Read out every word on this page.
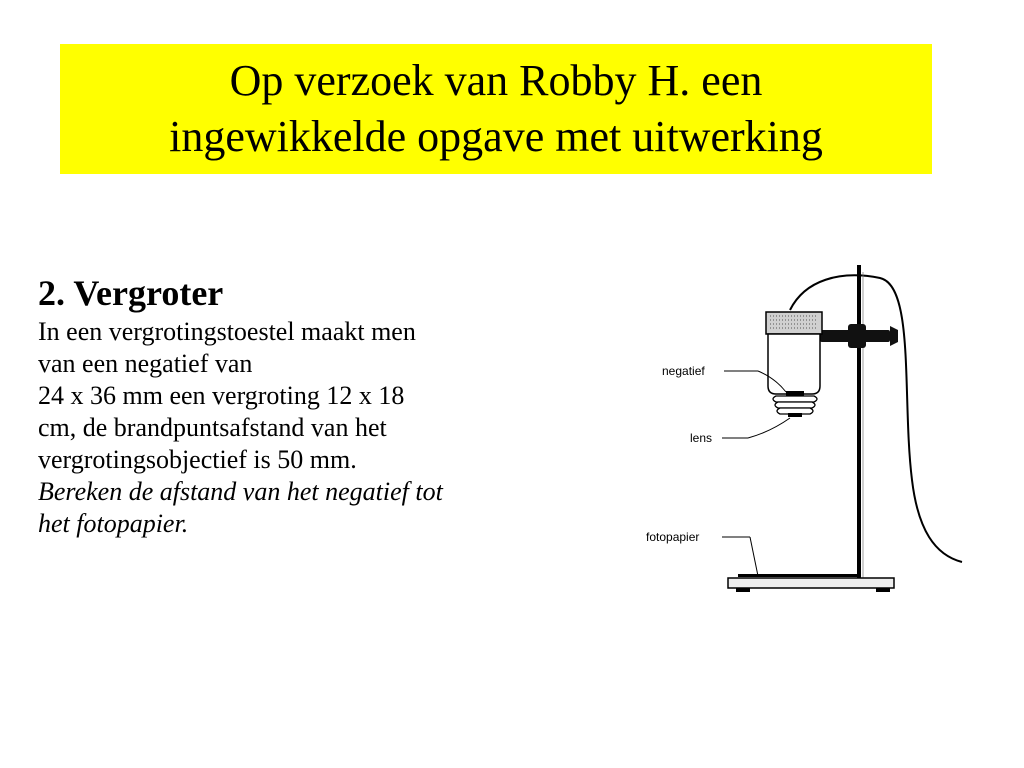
Op verzoek van Robby H. een
ingewikkelde opgave met uitwerking
2. Vergroter
In een vergrotingstoestel maakt men
van een negatief van
24 x 36 mm een vergroting 12 x 18
cm, de brandpuntsafstand van het
vergrotingsobjectief is 50 mm.
Bereken de afstand van het negatief tot
het fotopapier.
negatief
lens
fotopapier
